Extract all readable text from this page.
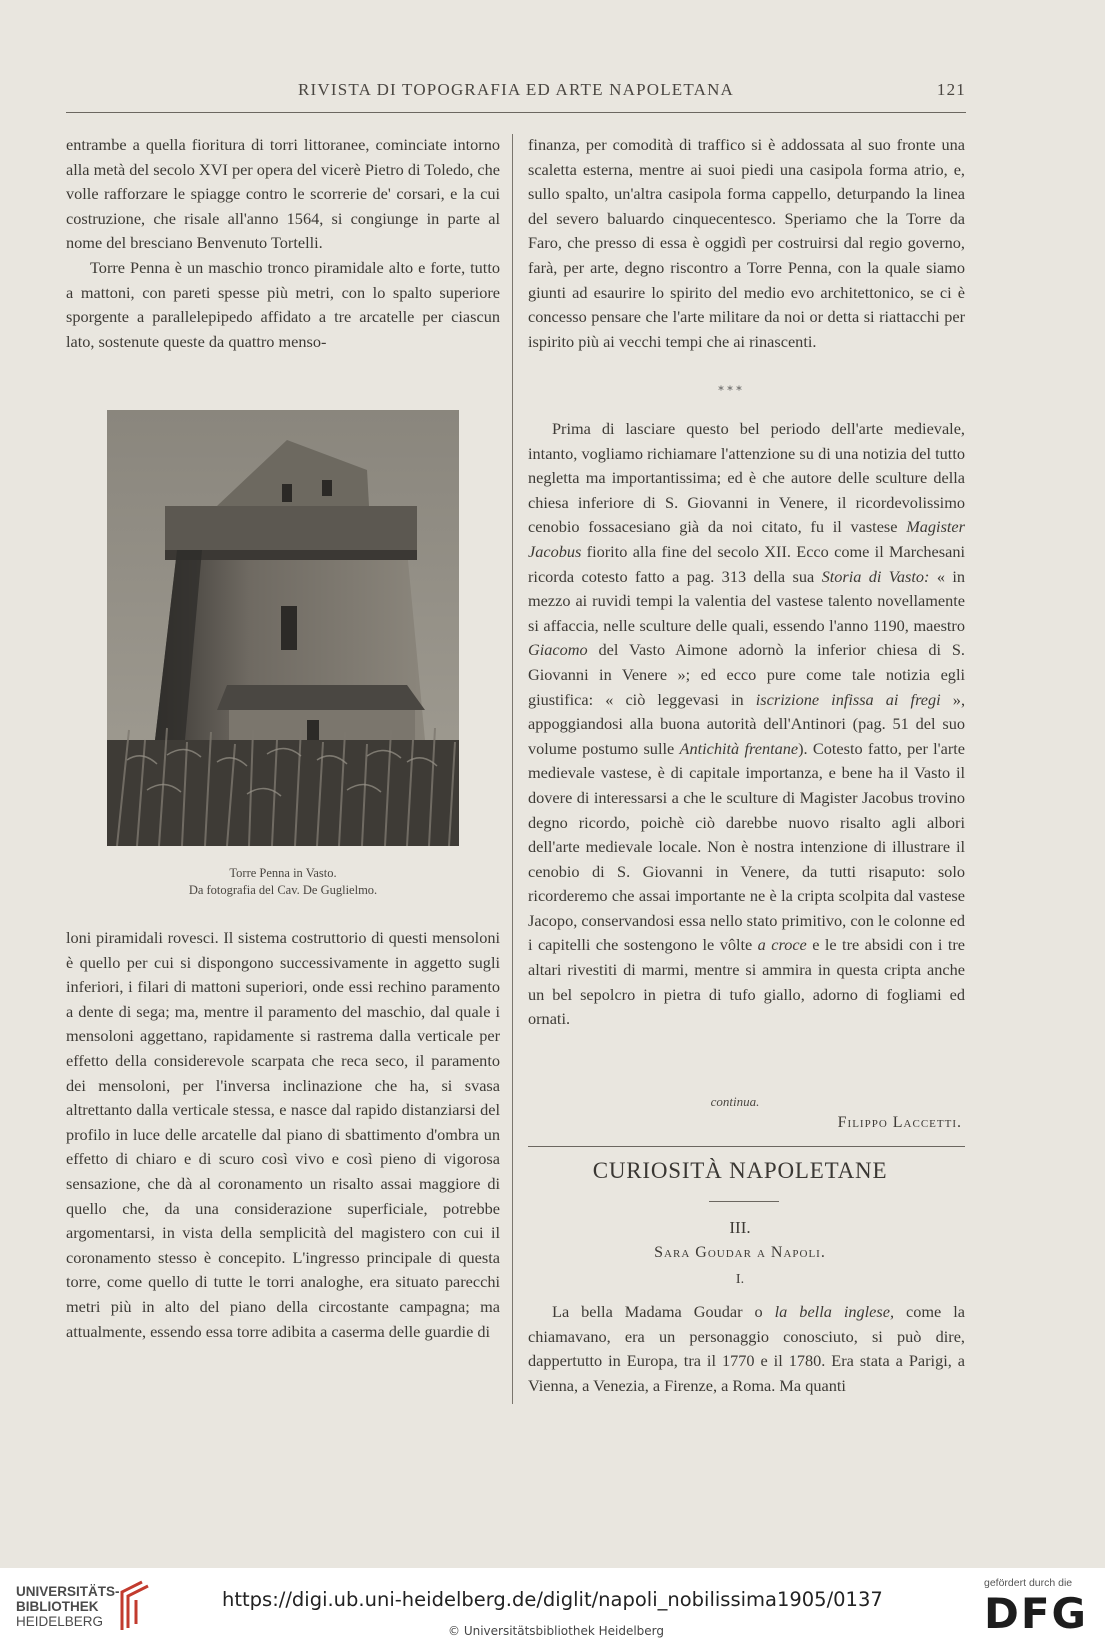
RIVISTA DI TOPOGRAFIA ED ARTE NAPOLETANA	121

entrambe a quella fioritura di torri littoranee, cominciate intorno alla metà del secolo XVI per opera del vicerè Pietro di Toledo, che volle rafforzare le spiagge contro le scorrerie de' corsari, e la cui costruzione, che risale all'anno 1564, si congiunge in parte al nome del bresciano Benvenuto Tortelli.

Torre Penna è un maschio tronco piramidale alto e forte, tutto a mattoni, con pareti spesse più metri, con lo spalto superiore sporgente a parallelepipedo affidato a tre arcatelle per ciascun lato, sostenute queste da quattro menso-

Torre Penna in Vasto.
Da fotografia del Cav. De Guglielmo.

loni piramidali rovesci. Il sistema costruttorio di questi mensoloni è quello per cui si dispongono successivamente in aggetto sugli inferiori, i filari di mattoni superiori, onde essi rechino paramento a dente di sega; ma, mentre il paramento del maschio, dal quale i mensoloni aggettano, rapidamente si rastrema dalla verticale per effetto della considerevole scarpata che reca seco, il paramento dei mensoloni, per l'inversa inclinazione che ha, si svasa altrettanto dalla verticale stessa, e nasce dal rapido distanziarsi del profilo in luce delle arcatelle dal piano di sbattimento d'ombra un effetto di chiaro e di scuro così vivo e così pieno di vigorosa sensazione, che dà al coronamento un risalto assai maggiore di quello che, da una considerazione superficiale, potrebbe argomentarsi, in vista della semplicità del magistero con cui il coronamento stesso è concepito. L'ingresso principale di questa torre, come quello di tutte le torri analoghe, era situato parecchi metri più in alto del piano della circostante campagna; ma attualmente, essendo essa torre adibita a caserma delle guardie di

finanza, per comodità di traffico si è addossata al suo fronte una scaletta esterna, mentre ai suoi piedi una casipola forma atrio, e, sullo spalto, un'altra casipola forma cappello, deturpando la linea del severo baluardo cinquecentesco. Speriamo che la Torre da Faro, che presso di essa è oggidì per costruirsi dal regio governo, farà, per arte, degno riscontro a Torre Penna, con la quale siamo giunti ad esaurire lo spirito del medio evo architettonico, se ci è concesso pensare che l'arte militare da noi or detta si riattacchi per ispirito più ai vecchi tempi che ai rinascenti.

* * *

Prima di lasciare questo bel periodo dell'arte medievale, intanto, vogliamo richiamare l'attenzione su di una notizia del tutto negletta ma importantissima; ed è che autore delle sculture della chiesa inferiore di S. Giovanni in Venere, il ricordevolissimo cenobio fossacesiano già da noi citato, fu il vastese Magister Jacobus fiorito alla fine del secolo XII. Ecco come il Marchesani ricorda cotesto fatto a pag. 313 della sua Storia di Vasto: « in mezzo ai ruvidi tempi la valentia del vastese talento novellamente si affaccia, nelle sculture delle quali, essendo l'anno 1190, maestro Giacomo del Vasto Aimone adornò la inferior chiesa di S. Giovanni in Venere »; ed ecco pure come tale notizia egli giustifica: « ciò leggevasi in iscrizione infissa ai fregi », appoggiandosi alla buona autorità dell'Antinori (pag. 51 del suo volume postumo sulle Antichità frentane). Cotesto fatto, per l'arte medievale vastese, è di capitale importanza, e bene ha il Vasto il dovere di interessarsi a che le sculture di Magister Jacobus trovino degno ricordo, poichè ciò darebbe nuovo risalto agli albori dell'arte medievale locale. Non è nostra intenzione di illustrare il cenobio di S. Giovanni in Venere, da tutti risaputo: solo ricorderemo che assai importante ne è la cripta scolpita dal vastese Jacopo, conservandosi essa nello stato primitivo, con le colonne ed i capitelli che sostengono le vôlte a croce e le tre absidi con i tre altari rivestiti di marmi, mentre si ammira in questa cripta anche un bel sepolcro in pietra di tufo giallo, adorno di fogliami ed ornati.

continua.
Filippo Laccetti.
CURIOSITÀ NAPOLETANE
III.
Sara Goudar a Napoli.
I.

La bella Madama Goudar o la bella inglese, come la chiamavano, era un personaggio conosciuto, si può dire, dappertutto in Europa, tra il 1770 e il 1780. Era stata a Parigi, a Vienna, a Venezia, a Firenze, a Roma. Ma quanti

UNIVERSITÄTS-
BIBLIOTHEK
HEIDELBERG
https://digi.ub.uni-heidelberg.de/diglit/napoli_nobilissima1905/0137
© Universitätsbibliothek Heidelberg
gefördert durch die
DFG
